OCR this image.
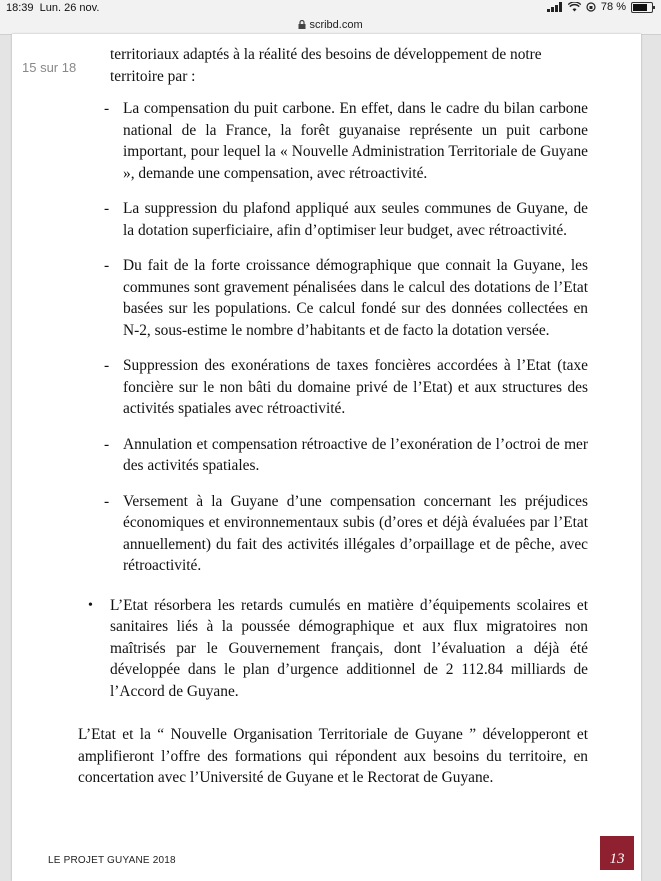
18:39 Lun. 26 nov.	78 %
scribd.com
15 sur 18

territoriaux adaptés à la réalité des besoins de développement de notre territoire par :

- La compensation du puit carbone. En effet, dans le cadre du bilan carbone national de la France, la forêt guyanaise représente un puit carbone important, pour lequel la « Nouvelle Administration Territoriale de Guyane », demande une compensation, avec rétroactivité.
- La suppression du plafond appliqué aux seules communes de Guyane, de la dotation superficiaire, afin d’optimiser leur budget, avec rétroactivité.
- Du fait de la forte croissance démographique que connait la Guyane, les communes sont gravement pénalisées dans le calcul des dotations de l’Etat basées sur les populations. Ce calcul fondé sur des données collectées en N-2, sous-estime le nombre d’habitants et de facto la dotation versée.
- Suppression des exonérations de taxes foncières accordées à l’Etat (taxe foncière sur le non bâti du domaine privé de l’Etat) et aux structures des activités spatiales avec rétroactivité.
- Annulation et compensation rétroactive de l’exonération de l’octroi de mer des activités spatiales.
- Versement à la Guyane d’une compensation concernant les préjudices économiques et environnementaux subis (d’ores et déjà évaluées par l’Etat annuellement) du fait des activités illégales d’orpaillage et de pêche, avec rétroactivité.
•	L’Etat résorbera les retards cumulés en matière d’équipements scolaires et sanitaires liés à la poussée démographique et aux flux migratoires non maîtrisés par le Gouvernement français, dont l’évaluation a déjà été développée dans le plan d’urgence additionnel de 2 112.84 milliards de l’Accord de Guyane.

L’Etat et la “ Nouvelle Organisation Territoriale de Guyane ” développeront et amplifieront l’offre des formations qui répondent aux besoins du territoire, en concertation avec l’Université de Guyane et le Rectorat de Guyane.

LE PROJET GUYANE 2018	13
